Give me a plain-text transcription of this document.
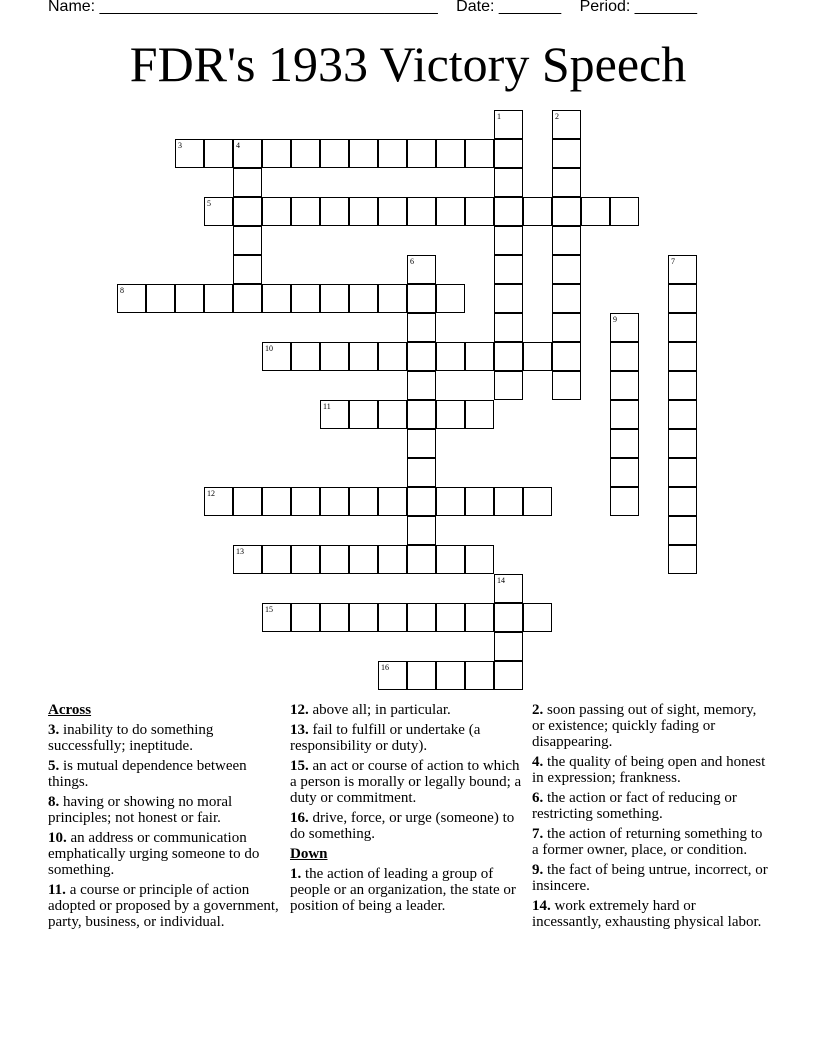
Name: ______________________________________ Date: _______ Period: _______
FDR's 1933 Victory Speech
3	4
5
8
10
11
12
13
15
16
1	2
6	7
9
14
Across
3. inability to do something successfully; ineptitude.
5. is mutual dependence between things.
8. having or showing no moral principles; not honest or fair.
10. an address or communication emphatically urging someone to do something.
11. a course or principle of action adopted or proposed by a government, party, business, or individual.
12. above all; in particular.
13. fail to fulfill or undertake (a responsibility or duty).
15. an act or course of action to which a person is morally or legally bound; a duty or commitment.
16. drive, force, or urge (someone) to do something.
Down
1. the action of leading a group of people or an organization, the state or position of being a leader.
2. soon passing out of sight, memory, or existence; quickly fading or disappearing.
4. the quality of being open and honest in expression; frankness.
6. the action or fact of reducing or restricting something.
7. the action of returning something to a former owner, place, or condition.
9. the fact of being untrue, incorrect, or insincere.
14. work extremely hard or incessantly, exhausting physical labor.
